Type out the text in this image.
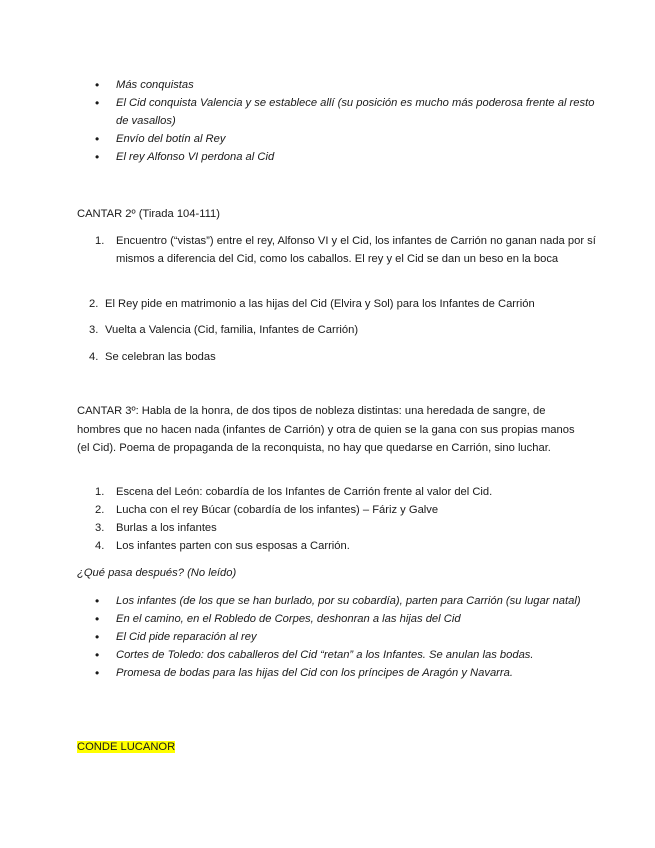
• Más conquistas
• El Cid conquista Valencia y se establece allí (su posición es mucho más poderosa frente al resto de vasallos)
• Envío del botín al Rey
• El rey Alfonso VI perdona al Cid

CANTAR 2º (Tirada 104-111)

1. Encuentro (“vistas”) entre el rey, Alfonso VI y el Cid, los infantes de Carrión no ganan nada por sí mismos a diferencia del Cid, como los caballos. El rey y el Cid se dan un beso en la boca
2. El Rey pide en matrimonio a las hijas del Cid (Elvira y Sol) para los Infantes de Carrión
3. Vuelta a Valencia (Cid, familia, Infantes de Carrión)
4. Se celebran las bodas

CANTAR 3º: Habla de la honra, de dos tipos de nobleza distintas: una heredada de sangre, de hombres que no hacen nada (infantes de Carrión) y otra de quien se la gana con sus propias manos (el Cid). Poema de propaganda de la reconquista, no hay que quedarse en Carrión, sino luchar.

1. Escena del León: cobardía de los Infantes de Carrión frente al valor del Cid.
2. Lucha con el rey Búcar (cobardía de los infantes) – Fáriz y Galve
3. Burlas a los infantes
4. Los infantes parten con sus esposas a Carrión.

¿Qué pasa después? (No leído)

• Los infantes (de los que se han burlado, por su cobardía), parten para Carrión (su lugar natal)
• En el camino, en el Robledo de Corpes, deshonran a las hijas del Cid
• El Cid pide reparación al rey
• Cortes de Toledo: dos caballeros del Cid “retan” a los Infantes. Se anulan las bodas.
• Promesa de bodas para las hijas del Cid con los príncipes de Aragón y Navarra.

CONDE LUCANOR
